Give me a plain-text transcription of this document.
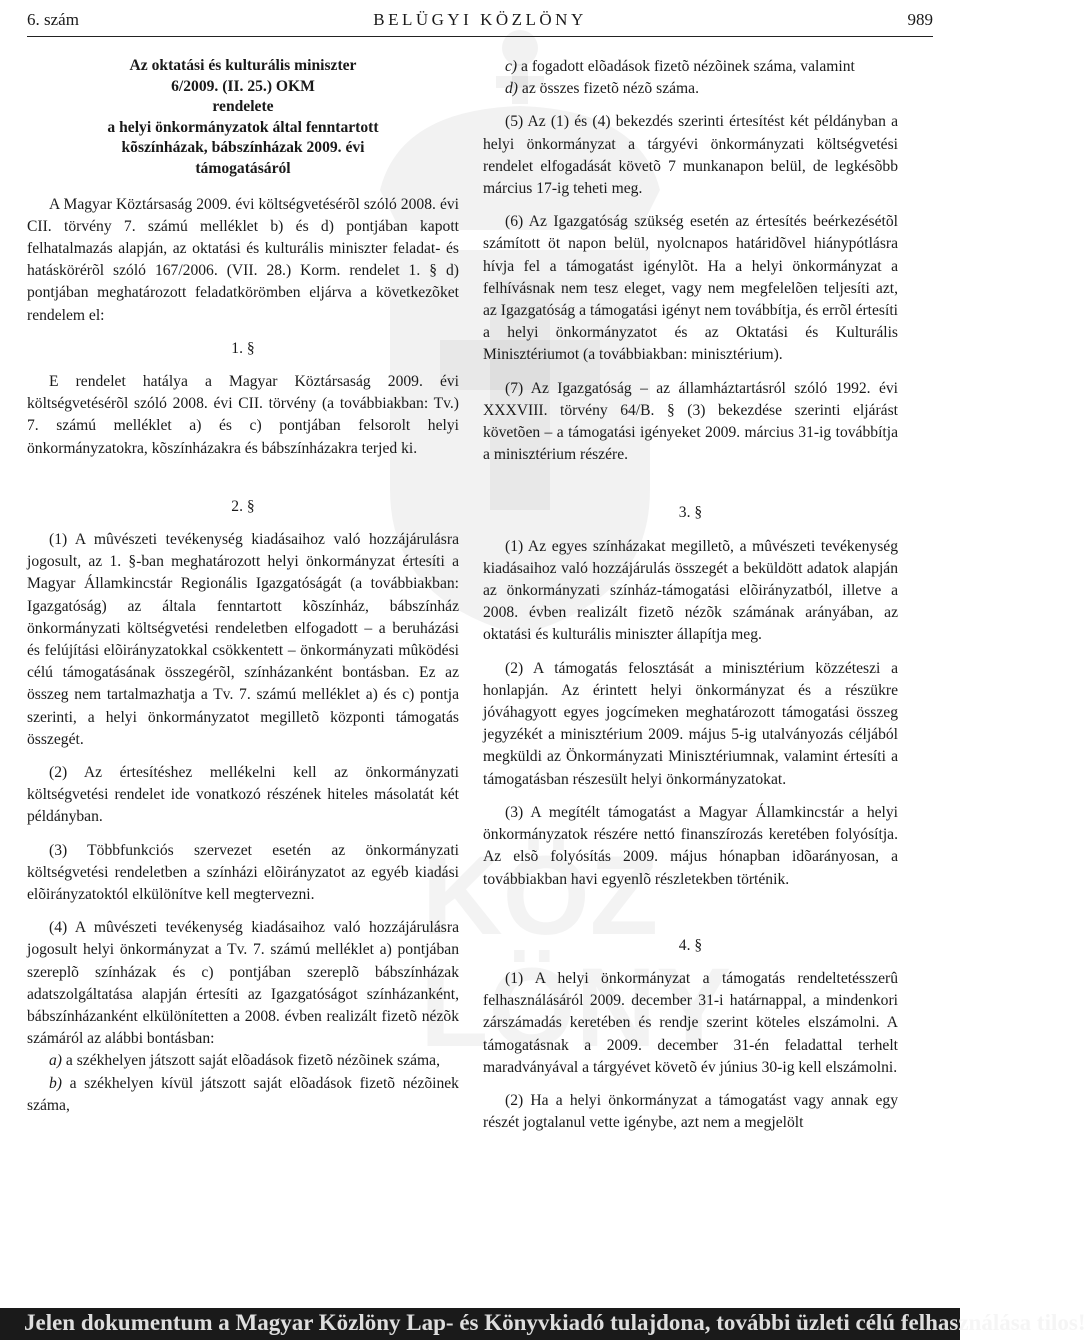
6. szám	BELÜGYI KÖZLÖNY	989
Az oktatási és kulturális miniszter
6/2009. (II. 25.) OKM
rendelete
a helyi önkormányzatok által fenntartott
kõszínházak, bábszínházak 2009. évi
támogatásáról

A Magyar Köztársaság 2009. évi költségvetésérõl szóló 2008. évi CII. törvény 7. számú melléklet b) és d) pontjában kapott felhatalmazás alapján, az oktatási és kulturális miniszter feladat- és hatáskörérõl szóló 167/2006. (VII. 28.) Korm. rendelet 1. § d) pontjában meghatározott feladatkörömben eljárva a következõket rendelem el:

1. §

E rendelet hatálya a Magyar Köztársaság 2009. évi költségvetésérõl szóló 2008. évi CII. törvény (a továbbiakban: Tv.) 7. számú melléklet a) és c) pontjában felsorolt helyi önkormányzatokra, kõszínházakra és bábszínházakra terjed ki.

2. §

(1) A mûvészeti tevékenység kiadásaihoz való hozzájárulásra jogosult, az 1. §-ban meghatározott helyi önkormányzat értesíti a Magyar Államkincstár Regionális Igazgatóságát (a továbbiakban: Igazgatóság) az általa fenntartott kõszínház, bábszínház önkormányzati költségvetési rendeletben elfogadott – a beruházási és felújítási elõirányzatokkal csökkentett – önkormányzati mûködési célú támogatásának összegérõl, színházanként bontásban. Ez az összeg nem tartalmazhatja a Tv. 7. számú melléklet a) és c) pontja szerinti, a helyi önkormányzatot megilletõ központi támogatás összegét.

(2) Az értesítéshez mellékelni kell az önkormányzati költségvetési rendelet ide vonatkozó részének hiteles másolatát két példányban.

(3) Többfunkciós szervezet esetén az önkormányzati költségvetési rendeletben a színházi elõirányzatot az egyéb kiadási elõirányzatoktól elkülönítve kell megtervezni.

(4) A mûvészeti tevékenység kiadásaihoz való hozzájárulásra jogosult helyi önkormányzat a Tv. 7. számú melléklet a) pontjában szereplõ színházak és c) pontjában szereplõ bábszínházak adatszolgáltatása alapján értesíti az Igazgatóságot színházanként, bábszínházanként elkülönítetten a 2008. évben realizált fizetõ nézõk számáról az alábbi bontásban:

a) a székhelyen játszott saját elõadások fizetõ nézõinek száma,

b) a székhelyen kívül játszott saját elõadások fizetõ nézõinek száma,

c) a fogadott elõadások fizetõ nézõinek száma, valamint

d) az összes fizetõ nézõ száma.

(5) Az (1) és (4) bekezdés szerinti értesítést két példányban a helyi önkormányzat a tárgyévi önkormányzati költségvetési rendelet elfogadását követõ 7 munkanapon belül, de legkésõbb március 17-ig teheti meg.

(6) Az Igazgatóság szükség esetén az értesítés beérkezésétõl számított öt napon belül, nyolcnapos határidõvel hiánypótlásra hívja fel a támogatást igénylõt. Ha a helyi önkormányzat a felhívásnak nem tesz eleget, vagy nem megfelelõen teljesíti azt, az Igazgatóság a támogatási igényt nem továbbítja, és errõl értesíti a helyi önkormányzatot és az Oktatási és Kulturális Minisztériumot (a továbbiakban: minisztérium).

(7) Az Igazgatóság – az államháztartásról szóló 1992. évi XXXVIII. törvény 64/B. § (3) bekezdése szerinti eljárást követõen – a támogatási igényeket 2009. március 31-ig továbbítja a minisztérium részére.

3. §

(1) Az egyes színházakat megilletõ, a mûvészeti tevékenység kiadásaihoz való hozzájárulás összegét a beküldött adatok alapján az önkormányzati színház-támogatási elõirányzatból, illetve a 2008. évben realizált fizetõ nézõk számának arányában, az oktatási és kulturális miniszter állapítja meg.

(2) A támogatás felosztását a minisztérium közzéteszi a honlapján. Az érintett helyi önkormányzat és a részükre jóváhagyott egyes jogcímeken meghatározott támogatási összeg jegyzékét a minisztérium 2009. május 5-ig utalványozás céljából megküldi az Önkormányzati Minisztériumnak, valamint értesíti a támogatásban részesült helyi önkormányzatokat.

(3) A megítélt támogatást a Magyar Államkincstár a helyi önkormányzatok részére nettó finanszírozás keretében folyósítja. Az elsõ folyósítás 2009. május hónapban idõarányosan, a továbbiakban havi egyenlõ részletekben történik.

4. §

(1) A helyi önkormányzat a támogatás rendeltetésszerû felhasználásáról 2009. december 31-i határnappal, a mindenkori zárszámadás keretében és rendje szerint köteles elszámolni. A támogatásnak a 2009. december 31-én feladattal terhelt maradványával a tárgyévet követõ év június 30-ig kell elszámolni.

(2) Ha a helyi önkormányzat a támogatást vagy annak egy részét jogtalanul vette igénybe, azt nem a megjelölt

Jelen dokumentum a Magyar Közlöny Lap- és Könyvkiadó tulajdona, további üzleti célú felhasználása tilos!
